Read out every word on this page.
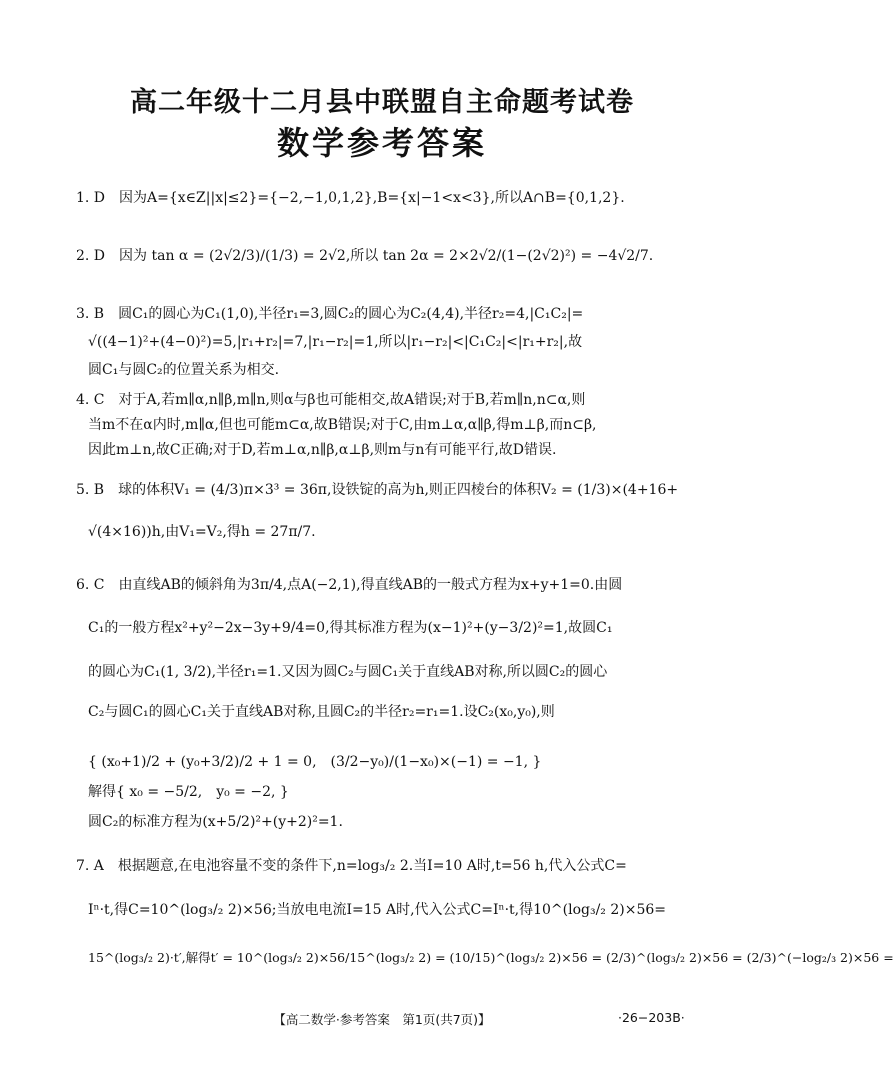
高二年级十二月县中联盟自主命题考试卷
数学参考答案
1. D　因为A={x∈Z||x|≤2}={−2,−1,0,1,2},B={x|−1<x<3},所以A∩B={0,1,2}.
2. D　因为 tan α = (2√2/3)/(1/3) = 2√2,所以 tan 2α = 2×2√2/(1−(2√2)²) = −4√2/7.
3. B　圆C₁的圆心为C₁(1,0),半径r₁=3,圆C₂的圆心为C₂(4,4),半径r₂=4,|C₁C₂|=
√((4−1)²+(4−0)²)=5,|r₁+r₂|=7,|r₁−r₂|=1,所以|r₁−r₂|<|C₁C₂|<|r₁+r₂|,故
圆C₁与圆C₂的位置关系为相交.
4. C　对于A,若m∥α,n∥β,m∥n,则α与β也可能相交,故A错误;对于B,若m∥n,n⊂α,则
当m不在α内时,m∥α,但也可能m⊂α,故B错误;对于C,由m⊥α,α∥β,得m⊥β,而n⊂β,
因此m⊥n,故C正确;对于D,若m⊥α,n∥β,α⊥β,则m与n有可能平行,故D错误.
5. B　球的体积V₁ = (4/3)π×3³ = 36π,设铁锭的高为h,则正四棱台的体积V₂ = (1/3)×(4+16+
√(4×16))h,由V₁=V₂,得h = 27π/7.
6. C　由直线AB的倾斜角为3π/4,点A(−2,1),得直线AB的一般式方程为x+y+1=0.由圆
C₁的一般方程x²+y²−2x−3y+9/4=0,得其标准方程为(x−1)²+(y−3/2)²=1,故圆C₁
的圆心为C₁(1, 3/2),半径r₁=1.又因为圆C₂与圆C₁关于直线AB对称,所以圆C₂的圆心
C₂与圆C₁的圆心C₁关于直线AB对称,且圆C₂的半径r₂=r₁=1.设C₂(x₀,y₀),则
{ (x₀+1)/2 + (y₀+3/2)/2 + 1 = 0,　(3/2−y₀)/(1−x₀)×(−1) = −1, }
解得{ x₀ = −5/2,　y₀ = −2, }
圆C₂的标准方程为(x+5/2)²+(y+2)²=1.
7. A　根据题意,在电池容量不变的条件下,n=log₃/₂ 2.当I=10 A时,t=56 h,代入公式C=
Iⁿ·t,得C=10^(log₃/₂ 2)×56;当放电电流I=15 A时,代入公式C=Iⁿ·t,得10^(log₃/₂ 2)×56=
15^(log₃/₂ 2)·t′,解得t′ = 10^(log₃/₂ 2)×56/15^(log₃/₂ 2) = (10/15)^(log₃/₂ 2)×56 = (2/3)^(log₃/₂ 2)×56 = (2/3)^(−log₂/₃ 2)×56 =
【高二数学·参考答案　第1页(共7页)】	·26−203B·
